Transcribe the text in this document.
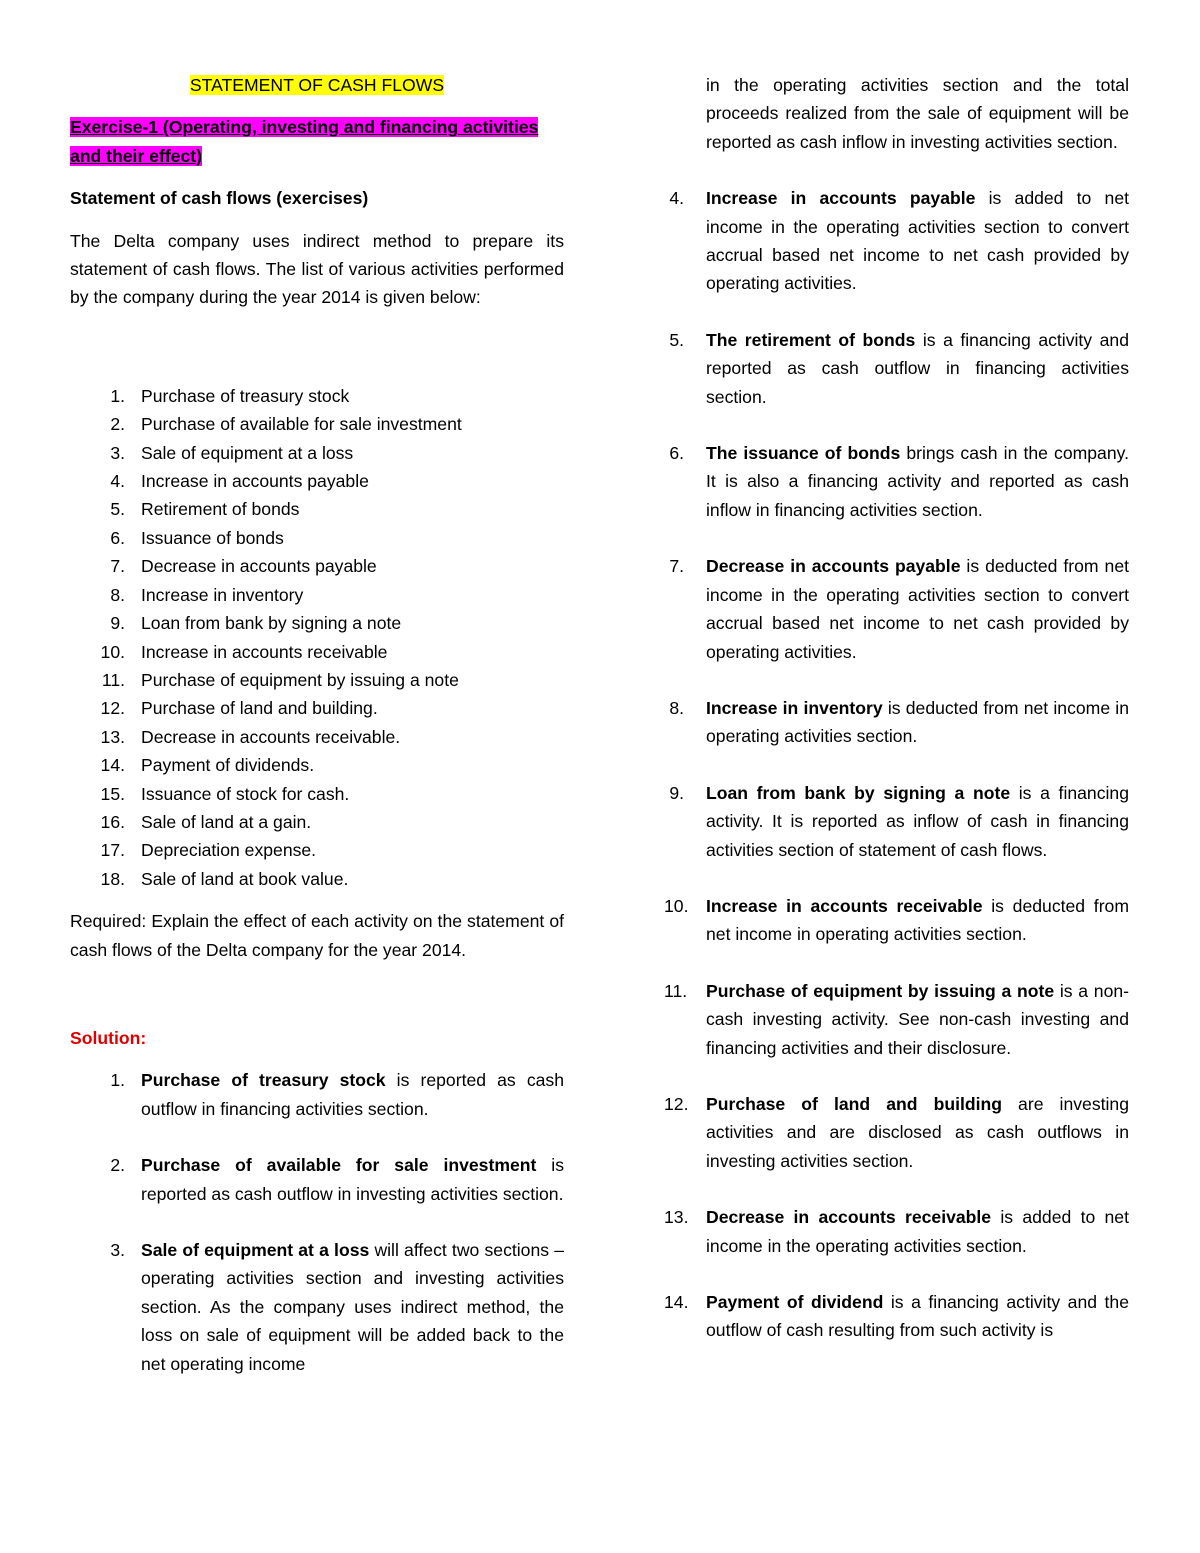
STATEMENT OF CASH FLOWS

Exercise-1 (Operating, investing and financing activities and their effect)

Statement of cash flows (exercises)

The Delta company uses indirect method to prepare its statement of cash flows. The list of various activities performed by the company during the year 2014 is given below:

1. Purchase of treasury stock
2. Purchase of available for sale investment
3. Sale of equipment at a loss
4. Increase in accounts payable
5. Retirement of bonds
6. Issuance of bonds
7. Decrease in accounts payable
8. Increase in inventory
9. Loan from bank by signing a note
10. Increase in accounts receivable
11. Purchase of equipment by issuing a note
12. Purchase of land and building.
13. Decrease in accounts receivable.
14. Payment of dividends.
15. Issuance of stock for cash.
16. Sale of land at a gain.
17. Depreciation expense.
18. Sale of land at book value.

Required: Explain the effect of each activity on the statement of cash flows of the Delta company for the year 2014.

Solution:

1. Purchase of treasury stock is reported as cash outflow in financing activities section.
2. Purchase of available for sale investment is reported as cash outflow in investing activities section.
3. Sale of equipment at a loss will affect two sections – operating activities section and investing activities section. As the company uses indirect method, the loss on sale of equipment will be added back to the net operating income

in the operating activities section and the total proceeds realized from the sale of equipment will be reported as cash inflow in investing activities section.

4. Increase in accounts payable is added to net income in the operating activities section to convert accrual based net income to net cash provided by operating activities.
5. The retirement of bonds is a financing activity and reported as cash outflow in financing activities section.
6. The issuance of bonds brings cash in the company. It is also a financing activity and reported as cash inflow in financing activities section.
7. Decrease in accounts payable is deducted from net income in the operating activities section to convert accrual based net income to net cash provided by operating activities.
8. Increase in inventory is deducted from net income in operating activities section.
9. Loan from bank by signing a note is a financing activity. It is reported as inflow of cash in financing activities section of statement of cash flows.
10. Increase in accounts receivable is deducted from net income in operating activities section.
11. Purchase of equipment by issuing a note is a non-cash investing activity. See non-cash investing and financing activities and their disclosure.
12. Purchase of land and building are investing activities and are disclosed as cash outflows in investing activities section.
13. Decrease in accounts receivable is added to net income in the operating activities section.
14. Payment of dividend is a financing activity and the outflow of cash resulting from such activity is
